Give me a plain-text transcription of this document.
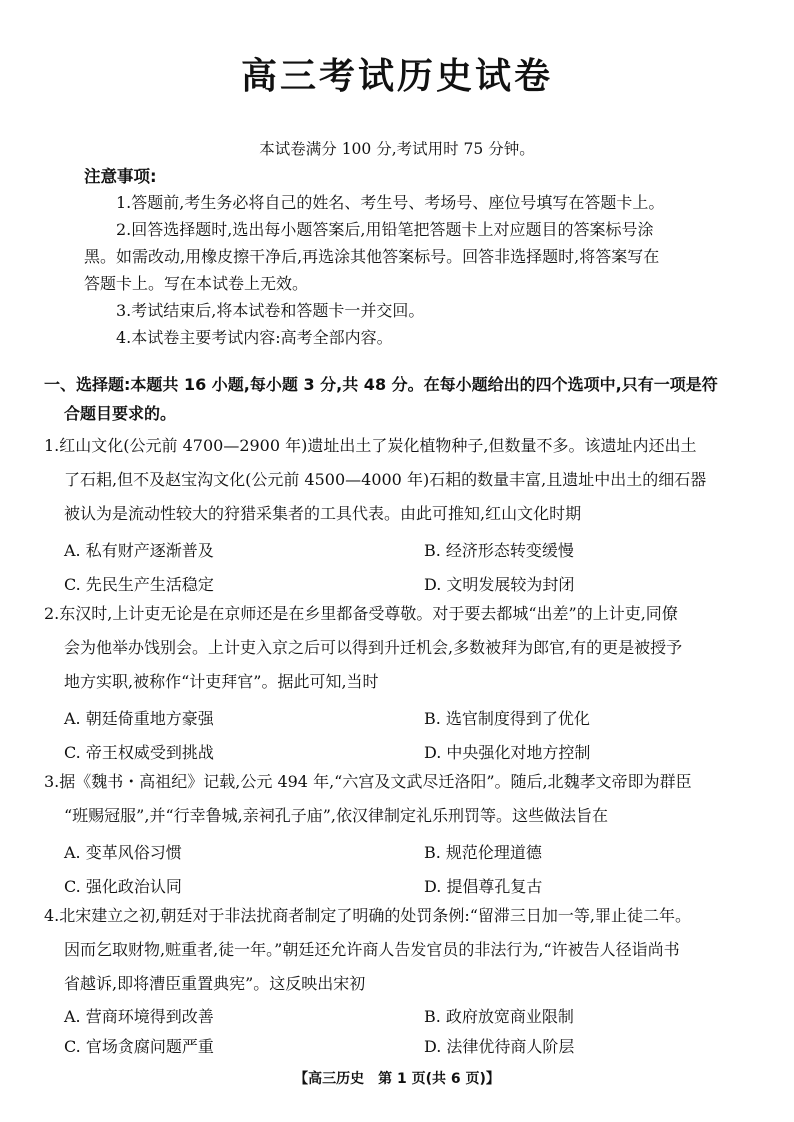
高三考试历史试卷
本试卷满分 100 分,考试用时 75 分钟。
注意事项:
1.答题前,考生务必将自己的姓名、考生号、考场号、座位号填写在答题卡上。
2.回答选择题时,选出每小题答案后,用铅笔把答题卡上对应题目的答案标号涂
黑。如需改动,用橡皮擦干净后,再选涂其他答案标号。回答非选择题时,将答案写在
答题卡上。写在本试卷上无效。
3.考试结束后,将本试卷和答题卡一并交回。
4.本试卷主要考试内容:高考全部内容。
一、选择题:本题共 16 小题,每小题 3 分,共 48 分。在每小题给出的四个选项中,只有一项是符
合题目要求的。
1.红山文化(公元前 4700—2900 年)遗址出土了炭化植物种子,但数量不多。该遗址内还出土
了石耜,但不及赵宝沟文化(公元前 4500—4000 年)石耜的数量丰富,且遗址中出土的细石器
被认为是流动性较大的狩猎采集者的工具代表。由此可推知,红山文化时期
A. 私有财产逐渐普及	B. 经济形态转变缓慢
C. 先民生产生活稳定	D. 文明发展较为封闭
2.东汉时,上计吏无论是在京师还是在乡里都备受尊敬。对于要去都城“出差”的上计吏,同僚
会为他举办饯别会。上计吏入京之后可以得到升迁机会,多数被拜为郎官,有的更是被授予
地方实职,被称作“计吏拜官”。据此可知,当时
A. 朝廷倚重地方豪强	B. 选官制度得到了优化
C. 帝王权威受到挑战	D. 中央强化对地方控制
3.据《魏书・高祖纪》记载,公元 494 年,“六宫及文武尽迁洛阳”。随后,北魏孝文帝即为群臣
“班赐冠服”,并“行幸鲁城,亲祠孔子庙”,依汉律制定礼乐刑罚等。这些做法旨在
A. 变革风俗习惯	B. 规范伦理道德
C. 强化政治认同	D. 提倡尊孔复古
4.北宋建立之初,朝廷对于非法扰商者制定了明确的处罚条例:“留滞三日加一等,罪止徒二年。
因而乞取财物,赃重者,徒一年。”朝廷还允许商人告发官员的非法行为,“许被告人径诣尚书
省越诉,即将漕臣重置典宪”。这反映出宋初
A. 营商环境得到改善	B. 政府放宽商业限制
C. 官场贪腐问题严重	D. 法律优待商人阶层
【高三历史　第 1 页(共 6 页)】
